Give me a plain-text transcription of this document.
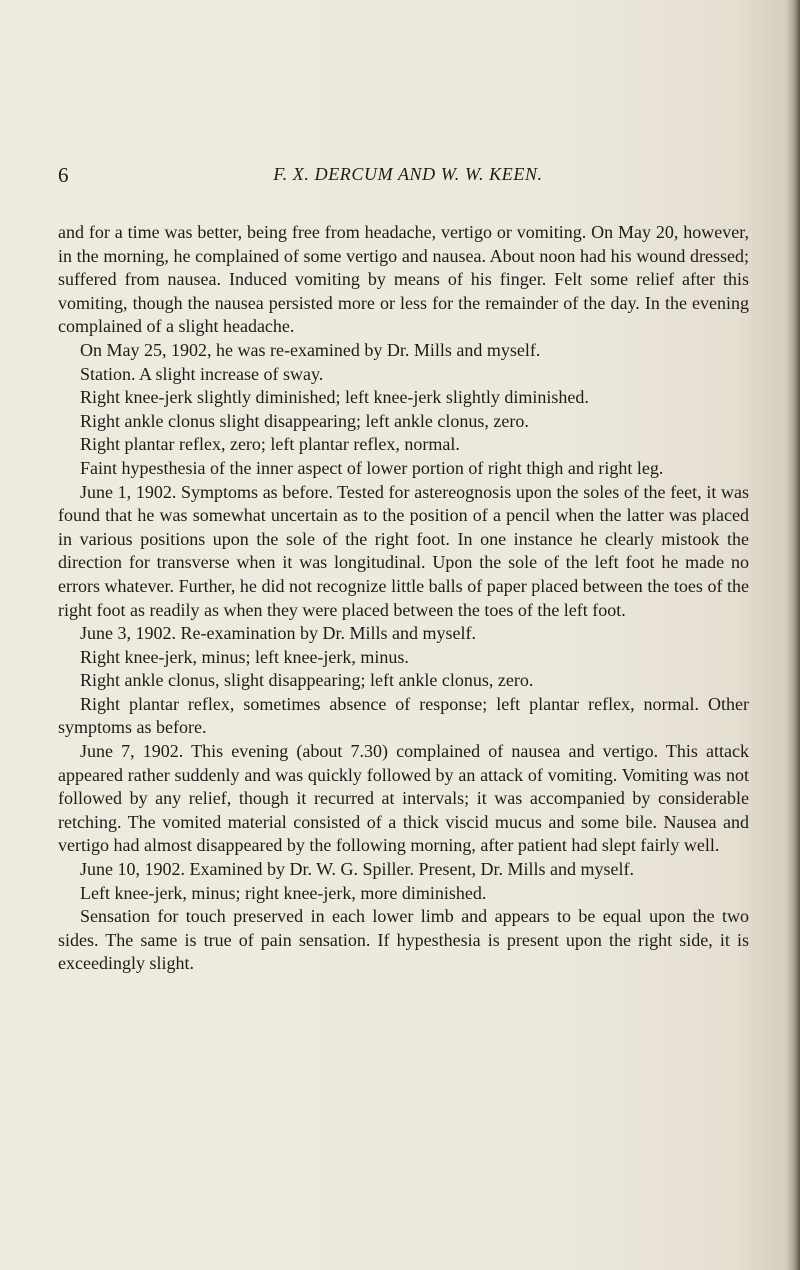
6	F. X. DERCUM AND W. W. KEEN.

and for a time was better, being free from headache, vertigo or vomiting. On May 20, however, in the morning, he complained of some vertigo and nausea. About noon had his wound dressed; suffered from nausea. Induced vomiting by means of his finger. Felt some relief after this vomiting, though the nausea persisted more or less for the remainder of the day. In the evening complained of a slight headache.

On May 25, 1902, he was re-examined by Dr. Mills and myself.

Station. A slight increase of sway.

Right knee-jerk slightly diminished; left knee-jerk slightly diminished.

Right ankle clonus slight disappearing; left ankle clonus, zero.

Right plantar reflex, zero; left plantar reflex, normal.

Faint hypesthesia of the inner aspect of lower portion of right thigh and right leg.

June 1, 1902. Symptoms as before. Tested for astereognosis upon the soles of the feet, it was found that he was somewhat uncertain as to the position of a pencil when the latter was placed in various positions upon the sole of the right foot. In one instance he clearly mistook the direction for transverse when it was longitudinal. Upon the sole of the left foot he made no errors whatever. Further, he did not recognize little balls of paper placed between the toes of the right foot as readily as when they were placed between the toes of the left foot.

June 3, 1902. Re-examination by Dr. Mills and myself.

Right knee-jerk, minus; left knee-jerk, minus.

Right ankle clonus, slight disappearing; left ankle clonus, zero.

Right plantar reflex, sometimes absence of response; left plantar reflex, normal. Other symptoms as before.

June 7, 1902. This evening (about 7.30) complained of nausea and vertigo. This attack appeared rather suddenly and was quickly followed by an attack of vomiting. Vomiting was not followed by any relief, though it recurred at intervals; it was accompanied by considerable retching. The vomited material consisted of a thick viscid mucus and some bile. Nausea and vertigo had almost disappeared by the following morning, after patient had slept fairly well.

June 10, 1902. Examined by Dr. W. G. Spiller. Present, Dr. Mills and myself.

Left knee-jerk, minus; right knee-jerk, more diminished.

Sensation for touch preserved in each lower limb and appears to be equal upon the two sides. The same is true of pain sensation. If hypesthesia is present upon the right side, it is exceedingly slight.
